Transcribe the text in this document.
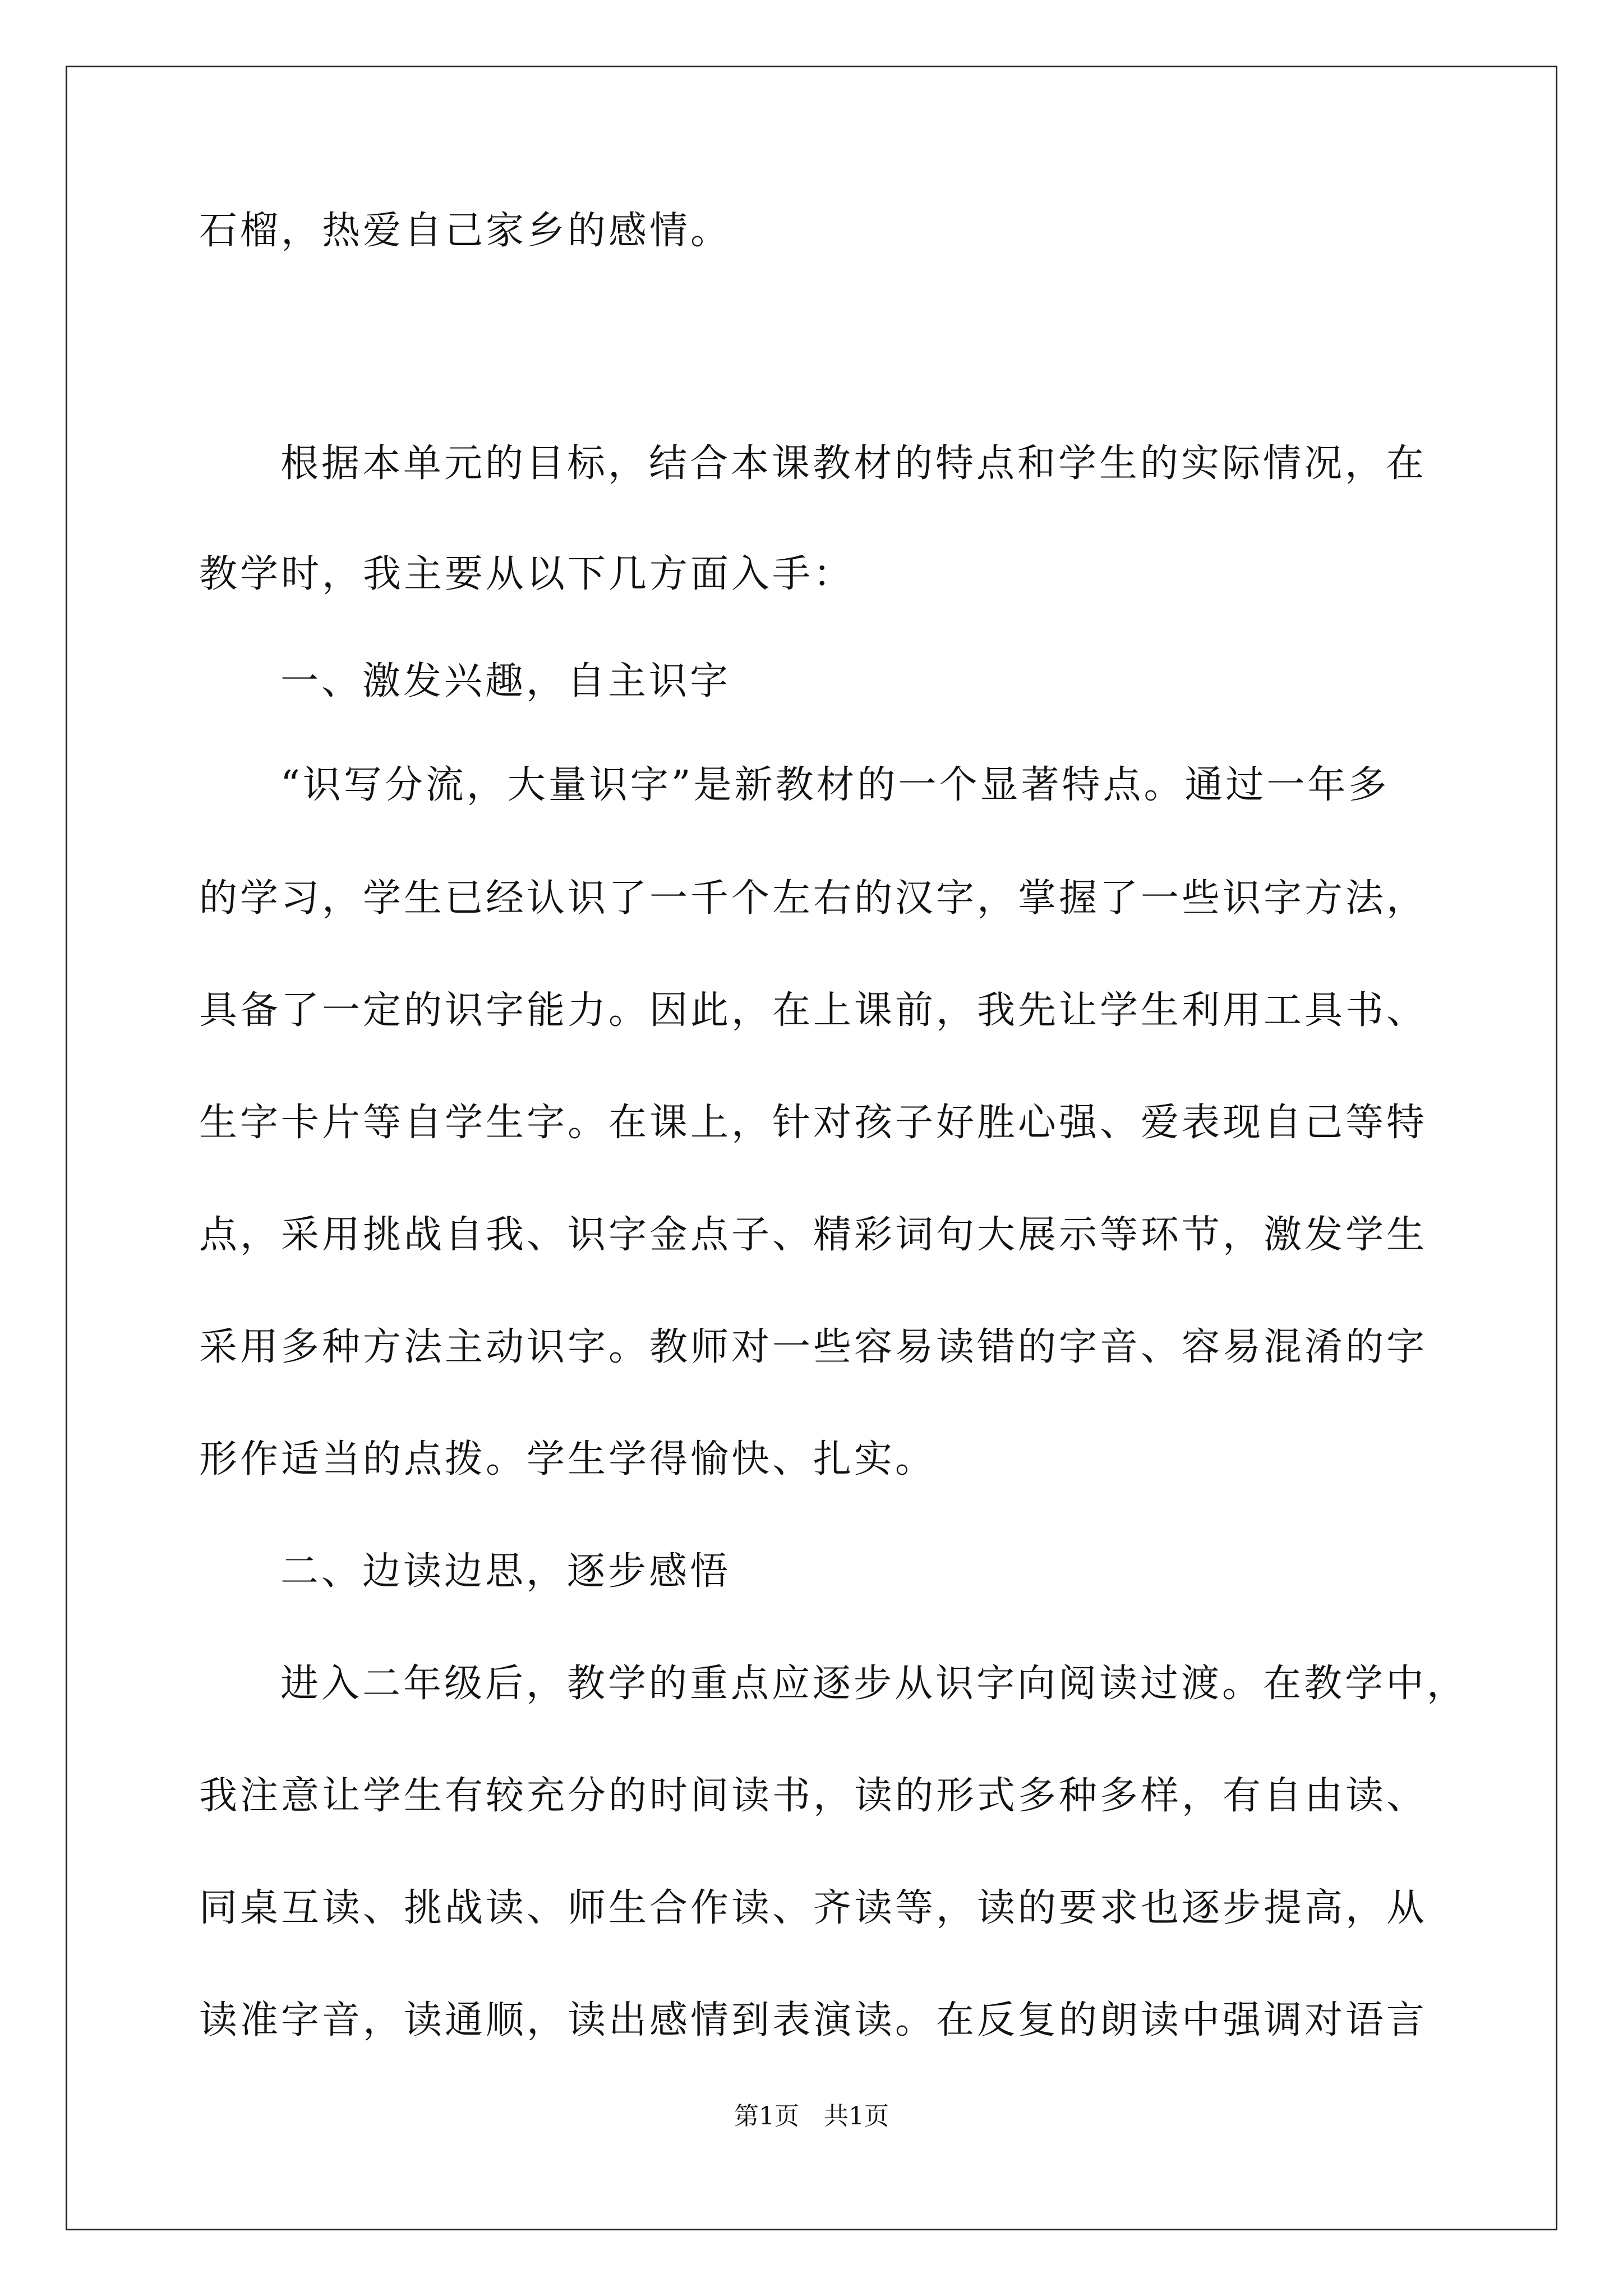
石榴，热爱自己家乡的感情。
根据本单元的目标，结合本课教材的特点和学生的实际情况，在
教学时，我主要从以下几方面入手：
一、激发兴趣，自主识字
“识写分流，大量识字”是新教材的一个显著特点。通过一年多
的学习，学生已经认识了一千个左右的汉字，掌握了一些识字方法，
具备了一定的识字能力。因此，在上课前，我先让学生利用工具书、
生字卡片等自学生字。在课上，针对孩子好胜心强、爱表现自己等特
点，采用挑战自我、识字金点子、精彩词句大展示等环节，激发学生
采用多种方法主动识字。教师对一些容易读错的字音、容易混淆的字
形作适当的点拨。学生学得愉快、扎实。
二、边读边思，逐步感悟
进入二年级后，教学的重点应逐步从识字向阅读过渡。在教学中，
我注意让学生有较充分的时间读书，读的形式多种多样，有自由读、
同桌互读、挑战读、师生合作读、齐读等，读的要求也逐步提高，从
读准字音，读通顺，读出感情到表演读。在反复的朗读中强调对语言
第1页　共1页
